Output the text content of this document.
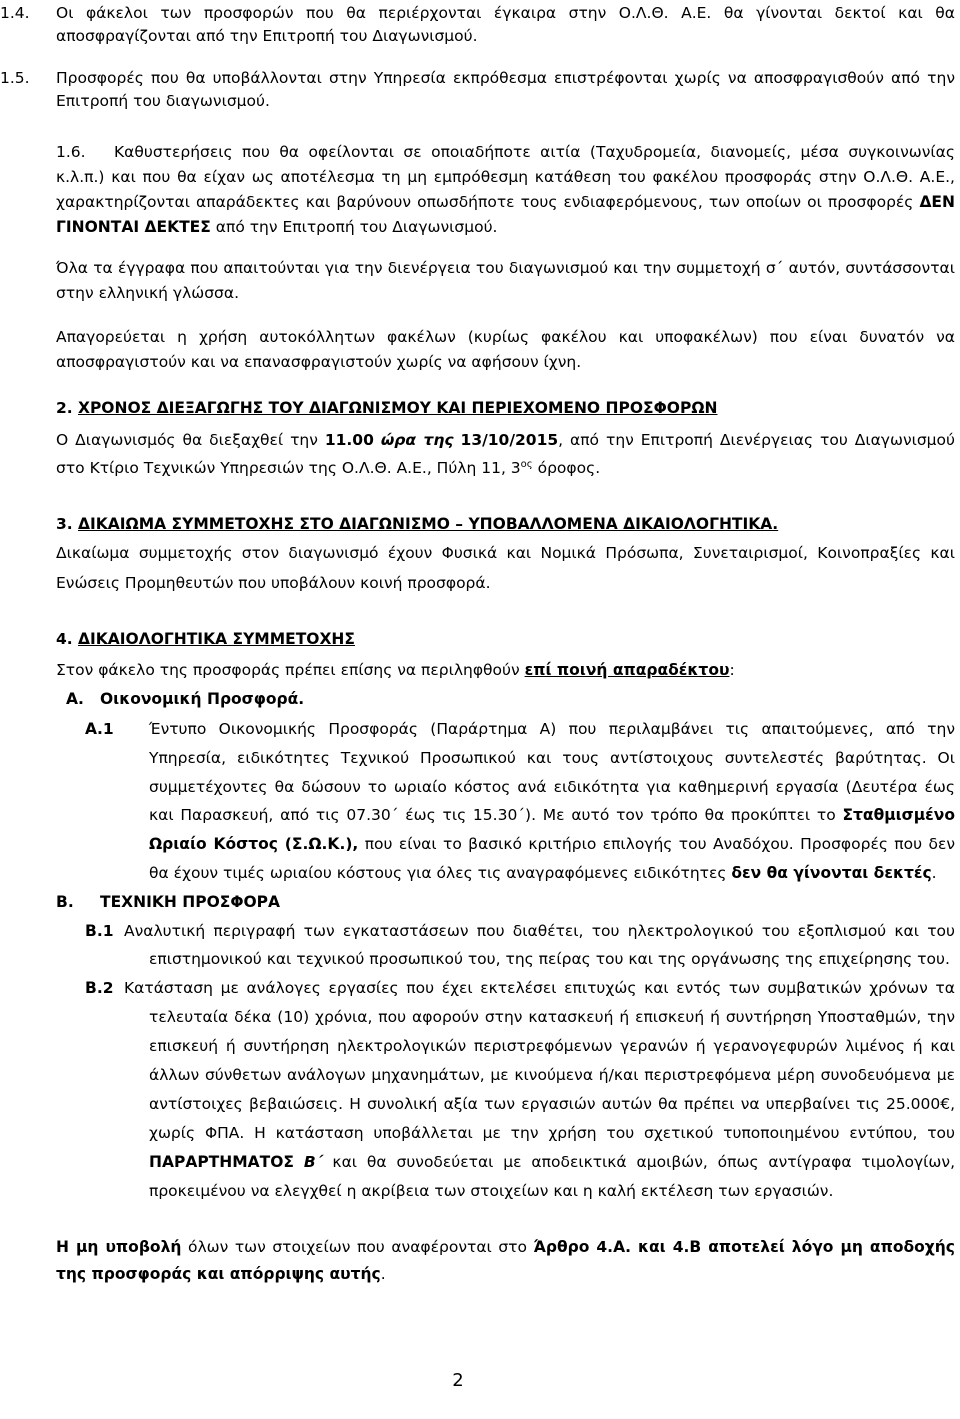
1.4. Οι φάκελοι των προσφορών που θα περιέρχονται έγκαιρα στην Ο.Λ.Θ. Α.Ε. θα γίνονται δεκτοί και θα αποσφραγίζονται από την Επιτροπή του Διαγωνισμού.
1.5. Προσφορές που θα υποβάλλονται στην Υπηρεσία εκπρόθεσμα επιστρέφονται χωρίς να αποσφραγισθούν από την Επιτροπή του διαγωνισμού.
1.6. Καθυστερήσεις που θα οφείλονται σε οποιαδήποτε αιτία (Ταχυδρομεία, διανομείς, μέσα συγκοινωνίας κ.λ.π.) και που θα είχαν ως αποτέλεσμα τη μη εμπρόθεσμη κατάθεση του φακέλου προσφοράς στην Ο.Λ.Θ. Α.Ε., χαρακτηρίζονται απαράδεκτες και βαρύνουν οπωσδήποτε τους ενδιαφερόμενους, των οποίων οι προσφορές ΔΕΝ ΓΙΝΟΝΤΑΙ ΔΕΚΤΕΣ από την Επιτροπή του Διαγωνισμού.
Όλα τα έγγραφα που απαιτούνται για την διενέργεια του διαγωνισμού και την συμμετοχή σ΄ αυτόν, συντάσσονται στην ελληνική γλώσσα.
Απαγορεύεται η χρήση αυτοκόλλητων φακέλων (κυρίως φακέλου και υποφακέλων) που είναι δυνατόν να αποσφραγιστούν και να επανασφραγιστούν χωρίς να αφήσουν ίχνη.
2. ΧΡΟΝΟΣ ΔΙΕΞΑΓΩΓΗΣ ΤΟΥ ΔΙΑΓΩΝΙΣΜΟΥ ΚΑΙ ΠΕΡΙΕΧΟΜΕΝΟ ΠΡΟΣΦΟΡΩΝ
Ο Διαγωνισμός θα διεξαχθεί την 11.00 ώρα της 13/10/2015, από την Επιτροπή Διενέργειας του Διαγωνισμού στο Κτίριο Τεχνικών Υπηρεσιών της Ο.Λ.Θ. Α.Ε., Πύλη 11, $3^{o\varsigma}$ όροφος.
3. ΔΙΚΑΙΩΜΑ ΣΥΜΜΕΤΟΧΗΣ ΣΤΟ ΔΙΑΓΩΝΙΣΜΟ – ΥΠΟΒΑΛΛΟΜΕΝΑ ΔΙΚΑΙΟΛΟΓΗΤΙΚΑ.
Δικαίωμα συμμετοχής στον διαγωνισμό έχουν Φυσικά και Νομικά Πρόσωπα, Συνεταιρισμοί, Κοινοπραξίες και Ενώσεις Προμηθευτών που υποβάλουν κοινή προσφορά.
4. ΔΙΚΑΙΟΛΟΓΗΤΙΚΑ ΣΥΜΜΕΤΟΧΗΣ
Στον φάκελο της προσφοράς πρέπει επίσης να περιληφθούν επί ποινή απαραδέκτου:
Α. Οικονομική Προσφορά.
Α.1 Έντυπο Οικονομικής Προσφοράς (Παράρτημα Α) που περιλαμβάνει τις απαιτούμενες, από την Υπηρεσία, ειδικότητες Τεχνικού Προσωπικού και τους αντίστοιχους συντελεστές βαρύτητας. Οι συμμετέχοντες θα δώσουν το ωριαίο κόστος ανά ειδικότητα για καθημερινή εργασία (Δευτέρα έως και Παρασκευή, από τις 07.30΄ έως τις 15.30΄). Με αυτό τον τρόπο θα προκύπτει το Σταθμισμένο Ωριαίο Κόστος (Σ.Ω.Κ.), που είναι το βασικό κριτήριο επιλογής του Αναδόχου. Προσφορές που δεν θα έχουν τιμές ωριαίου κόστους για όλες τις αναγραφόμενες ειδικότητες δεν θα γίνονται δεκτές.
Β. ΤΕΧΝΙΚΗ ΠΡΟΣΦΟΡΑ
Β.1 Αναλυτική περιγραφή των εγκαταστάσεων που διαθέτει, του ηλεκτρολογικού του εξοπλισμού και του επιστημονικού και τεχνικού προσωπικού του, της πείρας του και της οργάνωσης της επιχείρησης του.
Β.2 Κατάσταση με ανάλογες εργασίες που έχει εκτελέσει επιτυχώς και εντός των συμβατικών χρόνων τα τελευταία δέκα (10) χρόνια, που αφορούν στην κατασκευή ή επισκευή ή συντήρηση Υποσταθμών, την επισκευή ή συντήρηση ηλεκτρολογικών περιστρεφόμενων γερανών ή γερανογεφυρών λιμένος ή και άλλων σύνθετων ανάλογων μηχανημάτων, με κινούμενα ή/και περιστρεφόμενα μέρη συνοδευόμενα με αντίστοιχες βεβαιώσεις. Η συνολική αξία των εργασιών αυτών θα πρέπει να υπερβαίνει τις 25.000€, χωρίς ΦΠΑ. Η κατάσταση υποβάλλεται με την χρήση του σχετικού τυποποιημένου εντύπου, του ΠΑΡΑΡΤΗΜΑΤΟΣ Β΄ και θα συνοδεύεται με αποδεικτικά αμοιβών, όπως αντίγραφα τιμολογίων, προκειμένου να ελεγχθεί η ακρίβεια των στοιχείων και η καλή εκτέλεση των εργασιών.
Η μη υποβολή όλων των στοιχείων που αναφέρονται στο Άρθρο 4.Α. και 4.Β αποτελεί λόγο μη αποδοχής της προσφοράς και απόρριψης αυτής.
2
